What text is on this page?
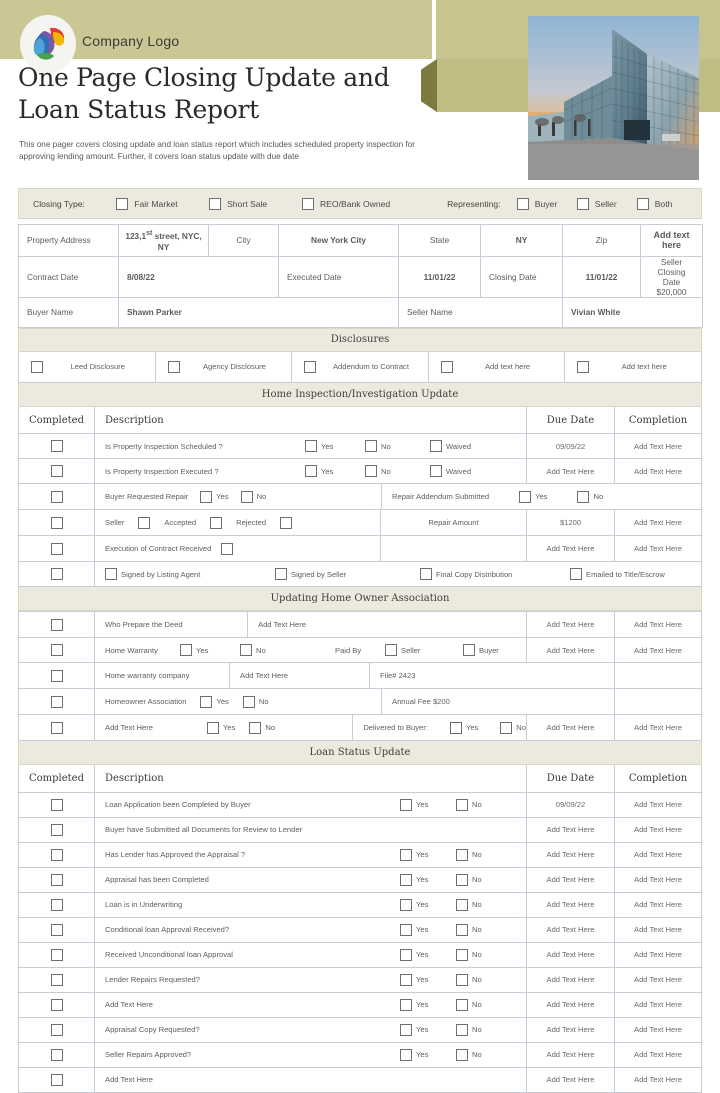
Company Logo
One Page Closing Update and Loan Status Report
This one pager covers closing update and loan status report which includes scheduled property inspection for approving lending amount. Further, it covers loan status update with due date
Closing Type:	Fair Market	Short Sale	REO/Bank Owned	Representing:	Buyer	Seller	Both
Property Address	123,1st street, NYC, NY	City	New York City	State	NY	Zip	Add text here
Contract Date	8/08/22		Executed Date	11/01/22	Closing Date	11/01/22	Seller Closing Date $20,000
Buyer Name	Shawn Parker			Seller Name		Vivian White	
Disclosures
Leed Disclosure	Agency Disclosure	Addendum to Contract	Add text here	Add text here
Home Inspection/Investigation Update
Completed	Description	Due Date	Completion

	Is Property Inspection Scheduled ? Yes No Waived	09/09/22	Add Text Here

	Is Property Inspection Executed ? Yes No Waived	Add Text Here	Add Text Here

Buyer Requested Repair	Yes	No	Repair Addendum Submitted	Yes	No

	Seller Accepted Rejected Repair Amount	$1200	Add Text Here

	Execution of Contract Received	Add Text Here	Add Text Here

	Signed by Listing Agent Signed by Seller Final Copy Distribution Emailed to Title/Escrow		
Updating Home Owner Association

	Who Prepare the Deed Add Text Here	Add Text Here	Add Text Here

Home Warranty	Yes	No	Paid By	Seller	Buyer	Add Text Here	Add Text Here

	Home warranty company Add Text Here File# 2423		

	Homeowner Association Yes No Annual Fee $200		

Add Text Here	Yes	No	Delivered to Buyer:	Yes	No	Add Text Here	Add Text Here
Loan Status Update
Completed	Description	Due Date	Completion

	Loan Application been Completed by Buyer Yes No	09/09/22	Add Text Here

	Buyer have Submitted all Documents for Review to Lender	Add Text Here	Add Text Here

	Has Lender has Approved the Appraisal ? Yes No	Add Text Here	Add Text Here

	Appraisal has been Completed Yes No	Add Text Here	Add Text Here

	Loan is in Underwriting Yes No	Add Text Here	Add Text Here

	Conditional loan Approval Received? Yes No	Add Text Here	Add Text Here

	Received Unconditional loan Approval Yes No	Add Text Here	Add Text Here

	Lender Repairs Requested? Yes No	Add Text Here	Add Text Here

	Add Text Here Yes No	Add Text Here	Add Text Here

	Appraisal Copy Requested? Yes No	Add Text Here	Add Text Here

	Seller Repairs Approved? Yes No	Add Text Here	Add Text Here

	Add Text Here	Add Text Here	Add Text Here
